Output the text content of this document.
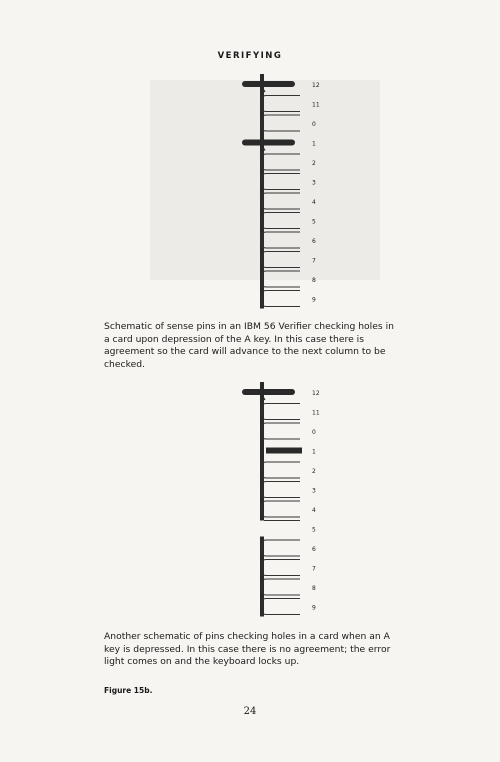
VERIFYING
12
11
0
1
2
3
4
5
6
7
8
9
Schematic of sense pins in an IBM 56 Verifier checking holes in a card upon depression of the A key. In this case there is agreement so the card will advance to the next column to be checked.
12
11
0
1
2
3
4
5
6
7
8
9
Another schematic of pins checking holes in a card when an A key is depressed. In this case there is no agreement; the error light comes on and the keyboard locks up.
Figure 15b.
24
